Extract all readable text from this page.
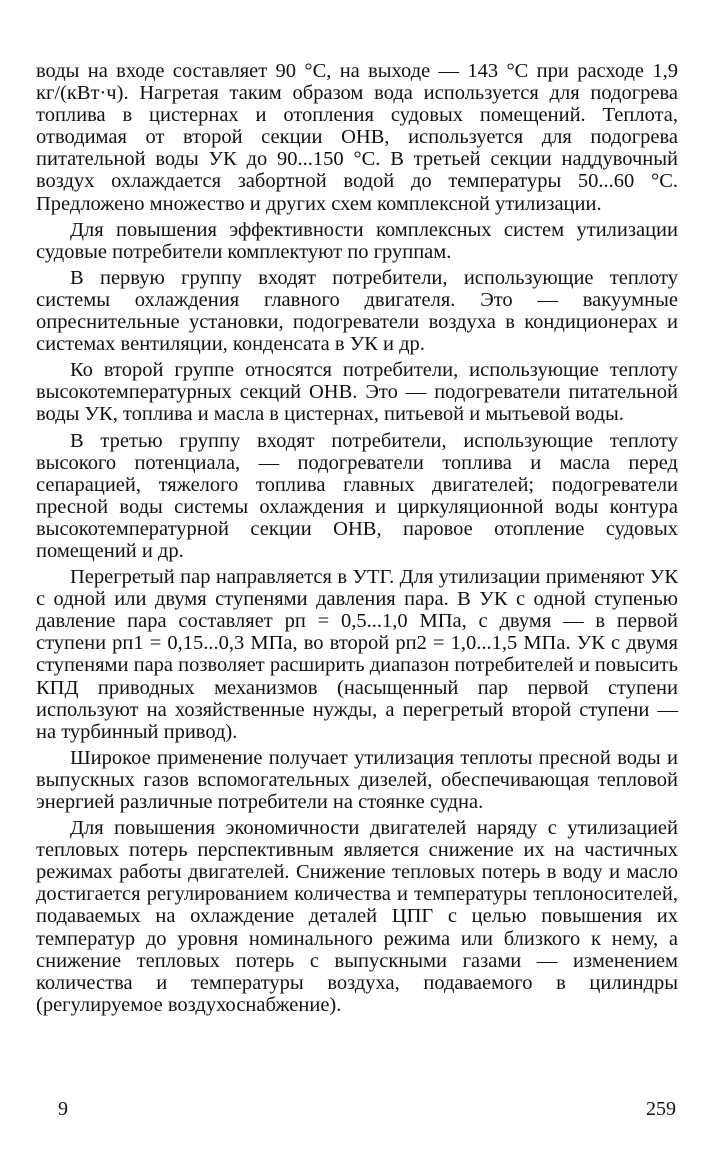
воды на входе составляет 90 °С, на выходе — 143 °С при расходе 1,9 кг/(кВт·ч). Нагретая таким образом вода используется для подогрева топлива в цистернах и отопления судовых помещений. Теплота, отводимая от второй секции ОНВ, используется для подогрева питательной воды УК до 90...150 °С. В третьей секции наддувочный воздух охлаждается забортной водой до температуры 50...60 °С. Предложено множество и других схем комплексной утилизации.

Для повышения эффективности комплексных систем утилизации судовые потребители комплектуют по группам.

В первую группу входят потребители, использующие теплоту системы охлаждения главного двигателя. Это — вакуумные опреснительные установки, подогреватели воздуха в кондиционерах и системах вентиляции, конденсата в УК и др.

Ко второй группе относятся потребители, использующие теплоту высокотемпературных секций ОНВ. Это — подогреватели питательной воды УК, топлива и масла в цистернах, питьевой и мытьевой воды.

В третью группу входят потребители, использующие теплоту высокого потенциала, — подогреватели топлива и масла перед сепарацией, тяжелого топлива главных двигателей; подогреватели пресной воды системы охлаждения и циркуляционной воды контура высокотемпературной секции ОНВ, паровое отопление судовых помещений и др.

Перегретый пар направляется в УТГ. Для утилизации применяют УК с одной или двумя ступенями давления пара. В УК с одной ступенью давление пара составляет pп = 0,5...1,0 МПа, с двумя — в первой ступени pп1 = 0,15...0,3 МПа, во второй pп2 = 1,0...1,5 МПа. УК с двумя ступенями пара позволяет расширить диапазон потребителей и повысить КПД приводных механизмов (насыщенный пар первой ступени используют на хозяйственные нужды, а перегретый второй ступени — на турбинный привод).

Широкое применение получает утилизация теплоты пресной воды и выпускных газов вспомогательных дизелей, обеспечивающая тепловой энергией различные потребители на стоянке судна.

Для повышения экономичности двигателей наряду с утилизацией тепловых потерь перспективным является снижение их на частичных режимах работы двигателей. Снижение тепловых потерь в воду и масло достигается регулированием количества и температуры теплоносителей, подаваемых на охлаждение деталей ЦПГ с целью повышения их температур до уровня номинального режима или близкого к нему, а снижение тепловых потерь с выпускными газами — изменением количества и температуры воздуха, подаваемого в цилиндры (регулируемое воздухоснабжение).

9	259
